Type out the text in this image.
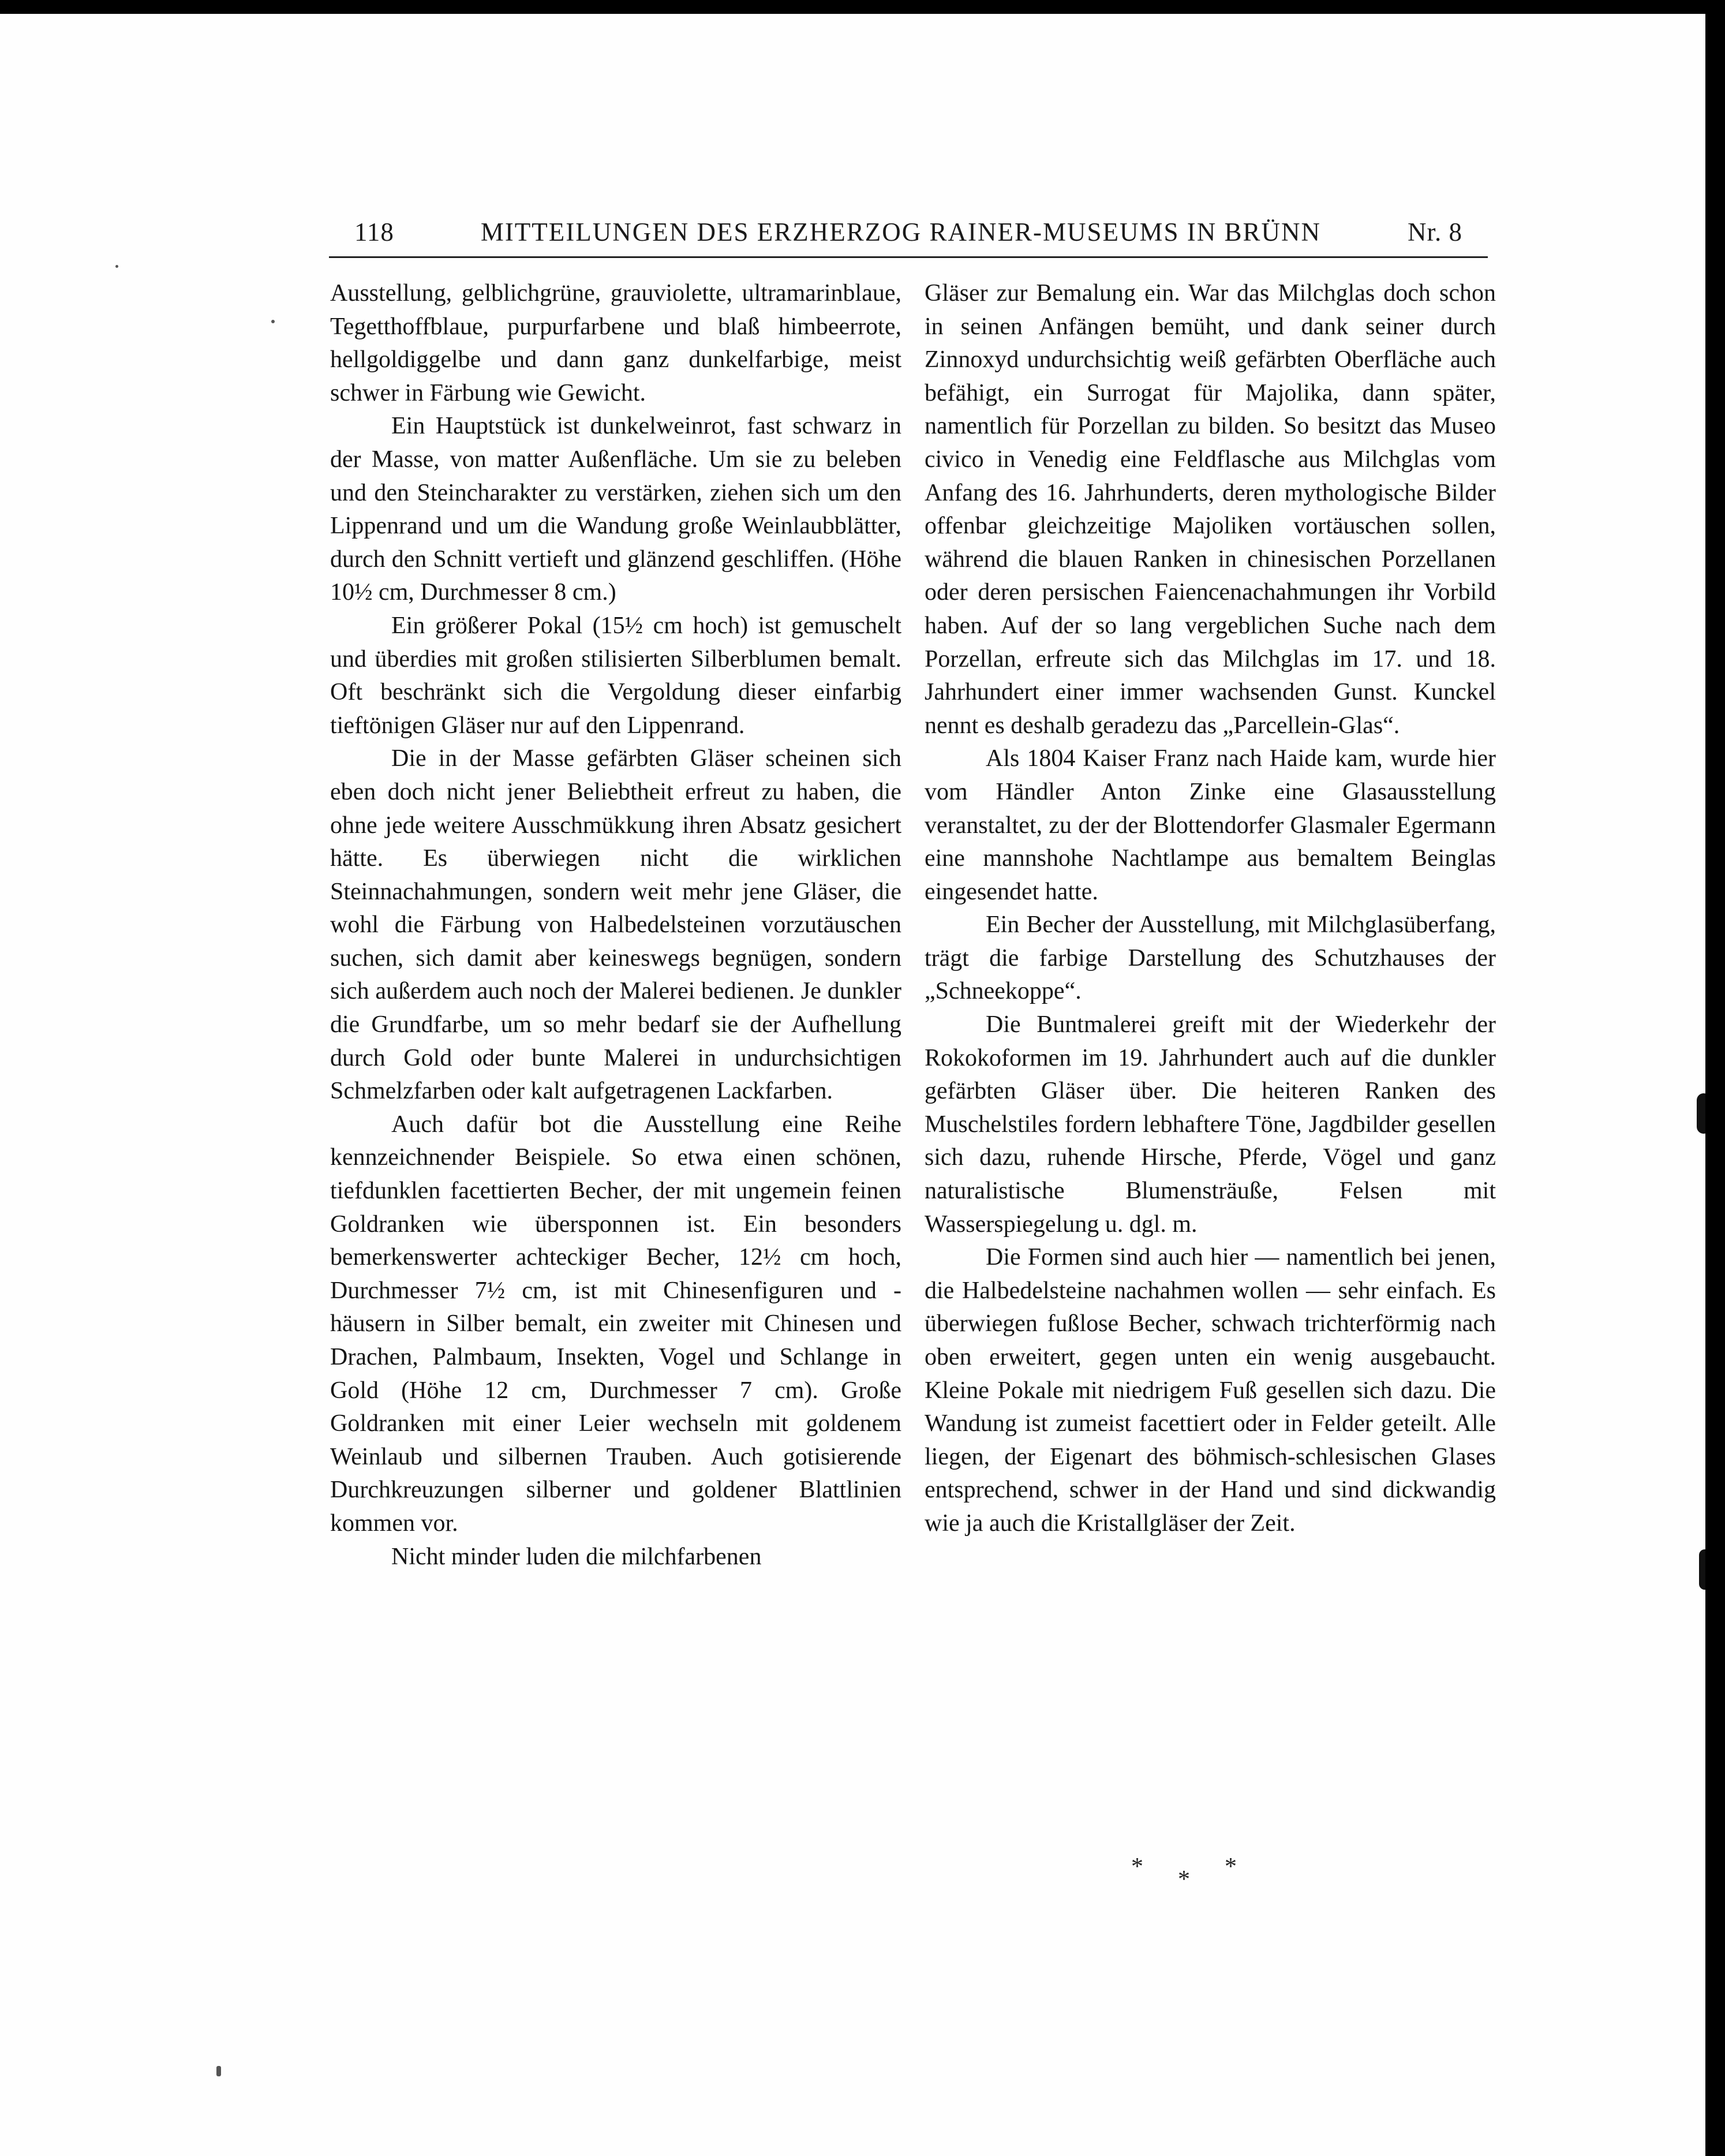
118	MITTEILUNGEN DES ERZHERZOG RAINER-MUSEUMS IN BRÜNN	Nr. 8

Ausstellung, gelblichgrüne, grauviolette, ultramarinblaue, Tegetthoffblaue, purpurfarbene und blaß himbeerrote, hellgoldiggelbe und dann ganz dunkelfarbige, meist schwer in Färbung wie Gewicht.

Ein Hauptstück ist dunkelweinrot, fast schwarz in der Masse, von matter Außenfläche. Um sie zu beleben und den Steincharakter zu verstärken, ziehen sich um den Lippenrand und um die Wandung große Weinlaubblätter, durch den Schnitt vertieft und glänzend geschliffen. (Höhe 10½ cm, Durchmesser 8 cm.)

Ein größerer Pokal (15½ cm hoch) ist gemuschelt und überdies mit großen stilisierten Silberblumen bemalt. Oft beschränkt sich die Vergoldung dieser einfarbig tieftönigen Gläser nur auf den Lippenrand.

Die in der Masse gefärbten Gläser scheinen sich eben doch nicht jener Beliebtheit erfreut zu haben, die ohne jede weitere Ausschmükkung ihren Absatz gesichert hätte. Es überwiegen nicht die wirklichen Steinnachahmungen, sondern weit mehr jene Gläser, die wohl die Färbung von Halbedelsteinen vorzutäuschen suchen, sich damit aber keineswegs begnügen, sondern sich außerdem auch noch der Malerei bedienen. Je dunkler die Grundfarbe, um so mehr bedarf sie der Aufhellung durch Gold oder bunte Malerei in undurchsichtigen Schmelzfarben oder kalt aufgetragenen Lackfarben.

Auch dafür bot die Ausstellung eine Reihe kennzeichnender Beispiele. So etwa einen schönen, tiefdunklen facettierten Becher, der mit ungemein feinen Goldranken wie übersponnen ist. Ein besonders bemerkenswerter achteckiger Becher, 12½ cm hoch, Durchmesser 7½ cm, ist mit Chinesenfiguren und -häusern in Silber bemalt, ein zweiter mit Chinesen und Drachen, Palmbaum, Insekten, Vogel und Schlange in Gold (Höhe 12 cm, Durchmesser 7 cm). Große Goldranken mit einer Leier wechseln mit goldenem Weinlaub und silbernen Trauben. Auch gotisierende Durchkreuzungen silberner und goldener Blattlinien kommen vor.

Nicht minder luden die milchfarbenen

Gläser zur Bemalung ein. War das Milchglas doch schon in seinen Anfängen bemüht, und dank seiner durch Zinnoxyd undurchsichtig weiß gefärbten Oberfläche auch befähigt, ein Surrogat für Majolika, dann später, namentlich für Porzellan zu bilden. So besitzt das Museo civico in Venedig eine Feldflasche aus Milchglas vom Anfang des 16. Jahrhunderts, deren mythologische Bilder offenbar gleichzeitige Majoliken vortäuschen sollen, während die blauen Ranken in chinesischen Porzellanen oder deren persischen Faiencenachahmungen ihr Vorbild haben. Auf der so lang vergeblichen Suche nach dem Porzellan, erfreute sich das Milchglas im 17. und 18. Jahrhundert einer immer wachsenden Gunst. Kunckel nennt es deshalb geradezu das „Parcellein-Glas“.

Als 1804 Kaiser Franz nach Haide kam, wurde hier vom Händler Anton Zinke eine Glasausstellung veranstaltet, zu der der Blottendorfer Glasmaler Egermann eine mannshohe Nachtlampe aus bemaltem Beinglas eingesendet hatte.

Ein Becher der Ausstellung, mit Milchglasüberfang, trägt die farbige Darstellung des Schutzhauses der „Schneekoppe“.

Die Buntmalerei greift mit der Wiederkehr der Rokokoformen im 19. Jahrhundert auch auf die dunkler gefärbten Gläser über. Die heiteren Ranken des Muschelstiles fordern lebhaftere Töne, Jagdbilder gesellen sich dazu, ruhende Hirsche, Pferde, Vögel und ganz naturalistische Blumensträuße, Felsen mit Wasserspiegelung u. dgl. m.

Die Formen sind auch hier — namentlich bei jenen, die Halbedelsteine nachahmen wollen — sehr einfach. Es überwiegen fußlose Becher, schwach trichterförmig nach oben erweitert, gegen unten ein wenig ausgebaucht. Kleine Pokale mit niedrigem Fuß gesellen sich dazu. Die Wandung ist zumeist facettiert oder in Felder geteilt. Alle liegen, der Eigenart des böhmisch-schlesischen Glases entsprechend, schwer in der Hand und sind dickwandig wie ja auch die Kristallgläser der Zeit.

***
